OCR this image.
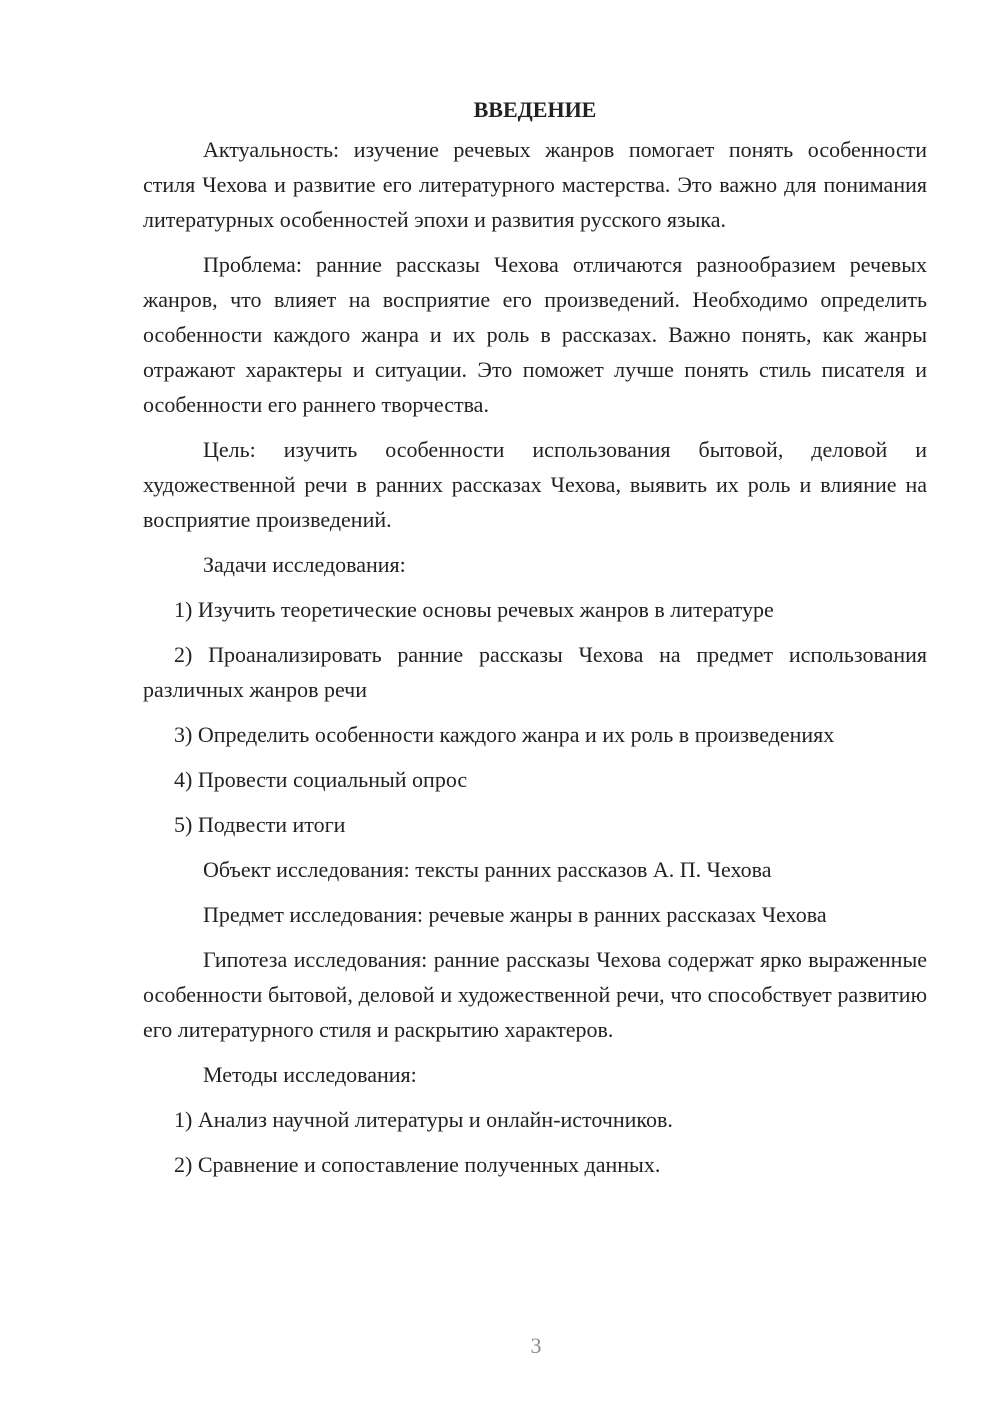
ВВЕДЕНИЕ

Актуальность: изучение речевых жанров помогает понять особенности стиля Чехова и развитие его литературного мастерства. Это важно для понимания литературных особенностей эпохи и развития русского языка.

Проблема: ранние рассказы Чехова отличаются разнообразием речевых жанров, что влияет на восприятие его произведений. Необходимо определить особенности каждого жанра и их роль в рассказах. Важно понять, как жанры отражают характеры и ситуации. Это поможет лучше понять стиль писателя и особенности его раннего творчества.

Цель: изучить особенности использования бытовой, деловой и художественной речи в ранних рассказах Чехова, выявить их роль и влияние на восприятие произведений.

Задачи исследования:

1) Изучить теоретические основы речевых жанров в литературе

2) Проанализировать ранние рассказы Чехова на предмет использования различных жанров речи

3) Определить особенности каждого жанра и их роль в произведениях

4) Провести социальный опрос

5) Подвести итоги

Объект исследования: тексты ранних рассказов А. П. Чехова

Предмет исследования: речевые жанры в ранних рассказах Чехова

Гипотеза исследования: ранние рассказы Чехова содержат ярко выраженные особенности бытовой, деловой и художественной речи, что способствует развитию его литературного стиля и раскрытию характеров.

Методы исследования:

1) Анализ научной литературы и онлайн-источников.

2) Сравнение и сопоставление полученных данных.

3
